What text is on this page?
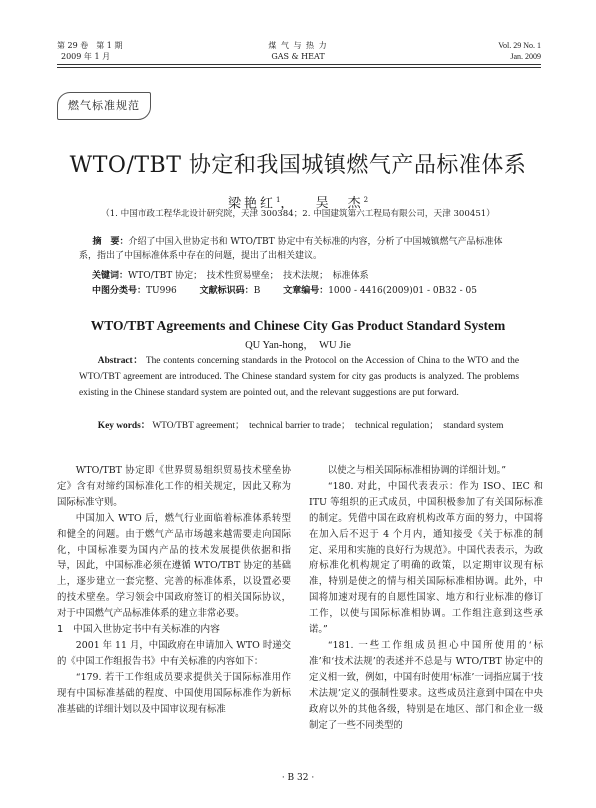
第 29 卷　第 1 期
2009 年 1 月
煤 气 与 热 力
GAS & HEAT
Vol. 29 No. 1
Jan. 2009
燃气标准规范
WTO/TBT 协定和我国城镇燃气产品标准体系
梁艳红$^1$， 吴　杰$^2$
（1. 中国市政工程华北设计研究院，天津 300384；2. 中国建筑第六工程局有限公司，天津 300451）
摘　要：介绍了中国入世协定书和 WTO/TBT 协定中有关标准的内容，分析了中国城镇燃气产品标准体系，指出了中国标准体系中存在的问题，提出了出相关建议。
关键词：WTO/TBT 协定；　技术性贸易壁垒；　技术法规；　标准体系
中图分类号：TU996	文献标识码：B	文章编号：1000 - 4416(2009)01 - 0B32 - 05
WTO/TBT Agreements and Chinese City Gas Product Standard System
QU Yan-hong，　WU Jie
Abstract： The contents concerning standards in the Protocol on the Accession of China to the WTO and the WTO/TBT agreement are introduced. The Chinese standard system for city gas products is analyzed. The problems existing in the Chinese standard system are pointed out, and the relevant suggestions are put forward.
Key words： WTO/TBT agreement；　technical barrier to trade；　technical regulation；　standard system

WTO/TBT 协定即《世界贸易组织贸易技术壁垒协定》含有对缔约国标准化工作的相关规定，因此又称为国际标准守则。

中国加入 WTO 后，燃气行业面临着标准体系转型和健全的问题。由于燃气产品市场越来越需要走向国际化，中国标准要为国内产品的技术发展提供依据和指导，因此，中国标准必须在遵循 WTO/TBT 协定的基础上，逐步建立一套完整、完善的标准体系，以设置必要的技术壁垒。学习领会中国政府签订的相关国际协议，对于中国燃气产品标准体系的建立非常必要。

1　中国入世协定书中有关标准的内容

2001 年 11 月，中国政府在申请加入 WTO 时递交的《中国工作组报告书》中有关标准的内容如下：

“179. 若干工作组成员要求提供关于国际标准用作现有中国标准基础的程度、中国使用国际标准作为新标准基础的详细计划以及中国审议现有标准

以使之与相关国际标准相协调的详细计划。”

“180. 对此，中国代表表示：作为 ISO、IEC 和 ITU 等组织的正式成员，中国积极参加了有关国际标准的制定。凭借中国在政府机构改革方面的努力，中国将在加入后不迟于 4 个月内，通知接受《关于标准的制定、采用和实施的良好行为规范》。中国代表表示，为政府标准化机构规定了明确的政策，以定期审议现有标准，特别是使之的情与相关国际标准相协调。此外，中国将加速对现有的自愿性国家、地方和行业标准的修订工作，以使与国际标准相协调。工作组注意到这些承诺。”

“181. 一些工作组成员担心中国所使用的‘标准’和‘技术法规’的表述并不总是与 WTO/TBT 协定中的定义相一致，例如，中国有时使用‘标准’一词指应属于‘技术法规’定义的强制性要求。这些成员注意到中国在中央政府以外的其他各级，特别是在地区、部门和企业一级制定了一些不同类型的

· B 32 ·
